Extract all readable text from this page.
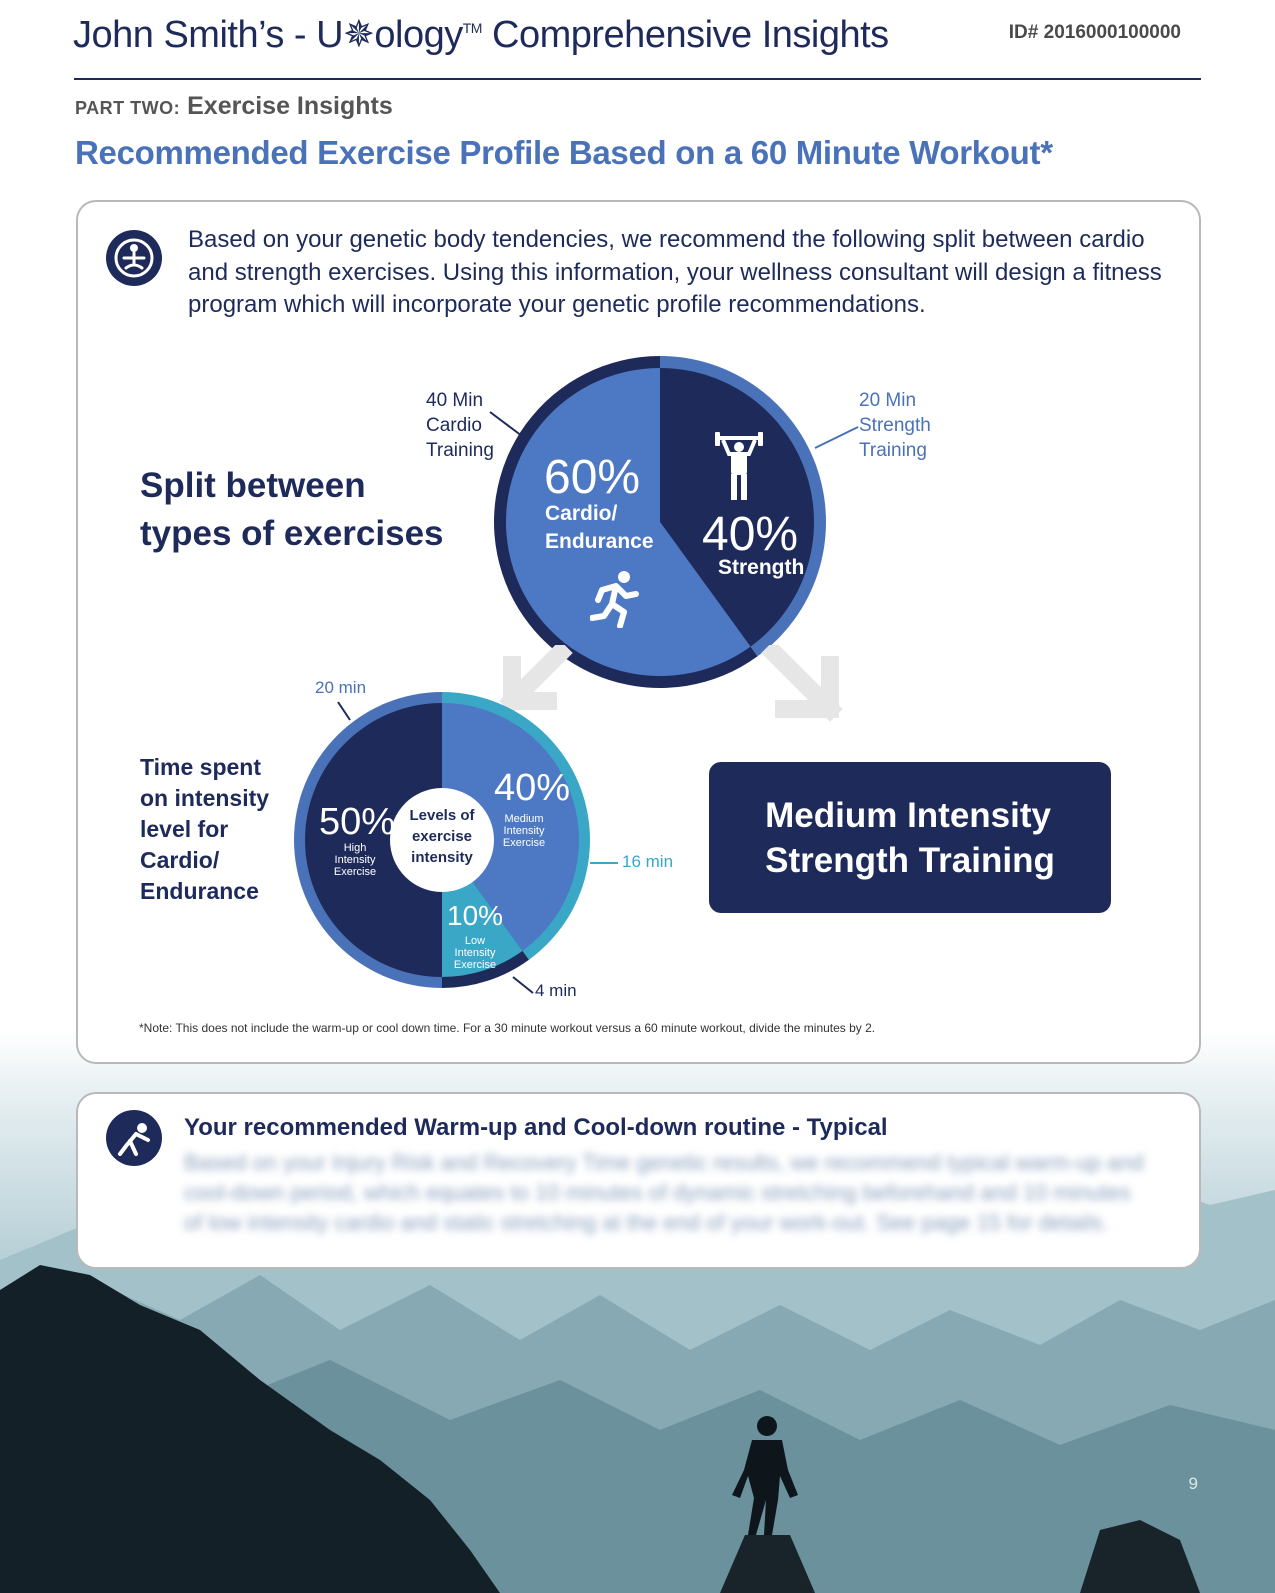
John Smith’s - U✵ology™ Comprehensive Insights	ID# 2016000100000
PART TWO: Exercise Insights
Recommended Exercise Profile Based on a 60 Minute Workout*
Based on your genetic body tendencies, we recommend the following split between cardio and strength exercises. Using this information, your wellness consultant will design a fitness program which will incorporate your genetic profile recommendations.
Split between
types of exercises
40 Min
Cardio
Training
20 Min
Strength
Training
60%
Cardio/
Endurance 40%
Strength
Time spent
on intensity
level for
Cardio/
Endurance
Levels of
exercise
intensity
50%
High
Intensity
Exercise
40%
Medium
Intensity
Exercise
10%
Low
Intensity
Exercise
20 min
16 min
4 min
Medium Intensity
Strength Training
*Note: This does not include the warm-up or cool down time. For a 30 minute workout versus a 60 minute workout, divide the minutes by 2.
Your recommended Warm-up and Cool-down routine - Typical
Based on your Injury Risk and Recovery Time genetic results, we recommend typical warm-up and cool-down period, which equates to 10 minutes of dynamic stretching beforehand and 10 minutes of low intensity cardio and static stretching at the end of your work-out. See page 15 for details.
9
